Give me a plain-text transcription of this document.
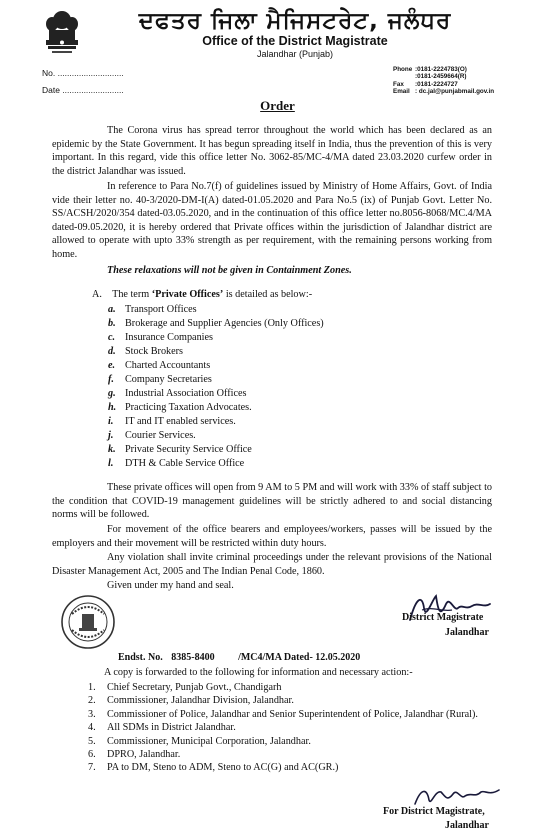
ਦਫਤਰ ਜਿਲਾ ਮੈਜਿਸਟਰੇਟ, ਜਲੰਧਰ
Office of the District Magistrate
Jalandhar (Punjab)
No. ............................
Date ..........................
Phone :0181-2224783(O)
:0181-2459664(R)
Fax :0181-2224727
Email : dc.jal@punjabmail.gov.in
Order
The Corona virus has spread terror throughout the world which has been declared as an epidemic by the State Government. It has begun spreading itself in India, thus the prevention of this is very important. In this regard, vide this office letter No. 3062-85/MC-4/MA dated 23.03.2020 curfew order in the district Jalandhar was issued.
In reference to Para No.7(f) of guidelines issued by Ministry of Home Affairs, Govt. of India vide their letter no. 40-3/2020-DM-I(A) dated-01.05.2020 and Para No.5 (ix) of Punjab Govt. Letter No. SS/ACSH/2020/354 dated-03.05.2020, and in the continuation of this office letter no.8056-8068/MC.4/MA dated-09.05.2020, it is hereby ordered that Private offices within the jurisdiction of Jalandhar district are allowed to operate with upto 33% strength as per requirement, with the remaining persons working from home.
These relaxations will not be given in Containment Zones.
A. The term ‘Private Offices’ is detailed as below:-
a. Transport Offices
b. Brokerage and Supplier Agencies (Only Offices)
c. Insurance Companies
d. Stock Brokers
e. Charted Accountants
f. Company Secretaries
g. Industrial Association Offices
h. Practicing Taxation Advocates.
i. IT and IT enabled services.
j. Courier Services.
k. Private Security Service Office
l. DTH & Cable Service Office
These private offices will open from 9 AM to 5 PM and will work with 33% of staff subject to the condition that COVID-19 management guidelines will be strictly adhered to and social distancing norms will be followed.
For movement of the office bearers and employees/workers, passes will be issued by the employers and their movement will be restricted within duty hours.
Any violation shall invite criminal proceedings under the relevant provisions of the National Disaster Management Act, 2005 and The Indian Penal Code, 1860.
Given under my hand and seal.
District Magistrate
Jalandhar
Endst. No. 8385-8400 /MC4/MA Dated- 12.05.2020
A copy is forwarded to the following for information and necessary action:-
1. Chief Secretary, Punjab Govt., Chandigarh
2. Commissioner, Jalandhar Division, Jalandhar.
3. Commissioner of Police, Jalandhar and Senior Superintendent of Police, Jalandhar (Rural).
4. All SDMs in District Jalandhar.
5. Commissioner, Municipal Corporation, Jalandhar.
6. DPRO, Jalandhar.
7. PA to DM, Steno to ADM, Steno to AC(G) and AC(GR.)
For District Magistrate,
Jalandhar
